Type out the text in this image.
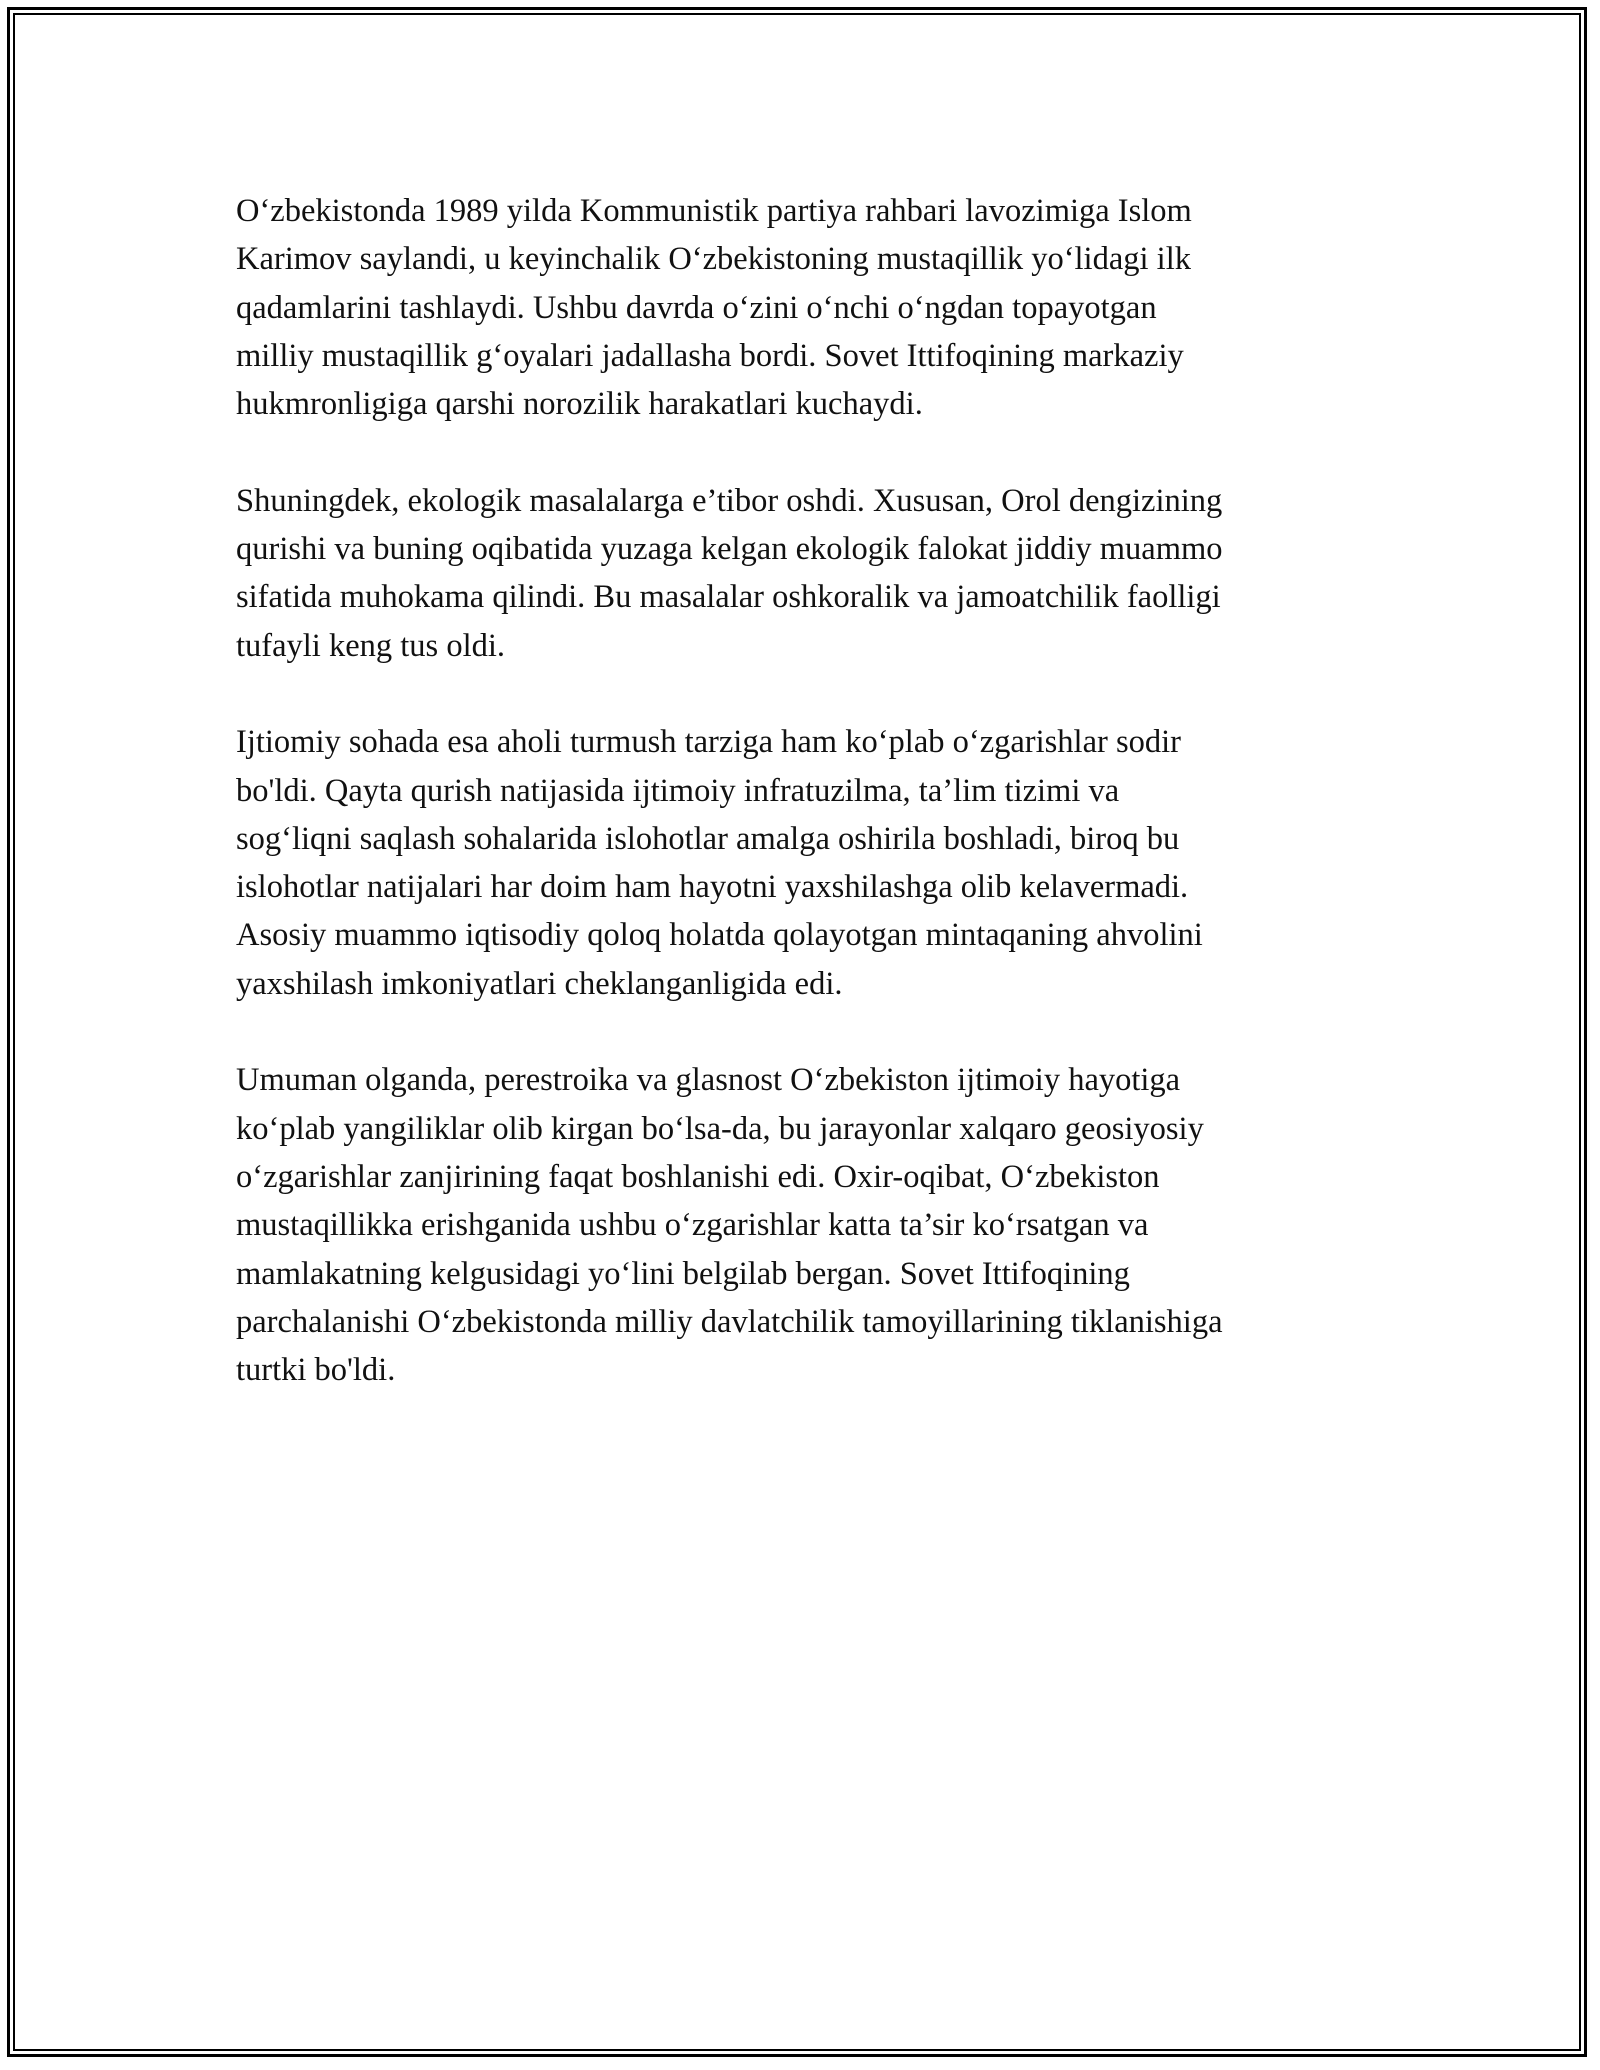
O‘zbekistonda 1989 yilda Kommunistik partiya rahbari lavozimiga Islom
Karimov saylandi, u keyinchalik O‘zbekistoning mustaqillik yo‘lidagi ilk
qadamlarini tashlaydi. Ushbu davrda o‘zini o‘nchi o‘ngdan topayotgan
milliy mustaqillik g‘oyalari jadallasha bordi. Sovet Ittifoqining markaziy
hukmronligiga qarshi norozilik harakatlari kuchaydi.

Shuningdek, ekologik masalalarga e’tibor oshdi. Xususan, Orol dengizining
qurishi va buning oqibatida yuzaga kelgan ekologik falokat jiddiy muammo
sifatida muhokama qilindi. Bu masalalar oshkoralik va jamoatchilik faolligi
tufayli keng tus oldi.

Ijtiomiy sohada esa aholi turmush tarziga ham ko‘plab o‘zgarishlar sodir
bo'ldi. Qayta qurish natijasida ijtimoiy infratuzilma, ta’lim tizimi va
sog‘liqni saqlash sohalarida islohotlar amalga oshirila boshladi, biroq bu
islohotlar natijalari har doim ham hayotni yaxshilashga olib kelavermadi.
Asosiy muammo iqtisodiy qoloq holatda qolayotgan mintaqaning ahvolini
yaxshilash imkoniyatlari cheklanganligida edi.

Umuman olganda, perestroika va glasnost O‘zbekiston ijtimoiy hayotiga
ko‘plab yangiliklar olib kirgan bo‘lsa-da, bu jarayonlar xalqaro geosiyosiy
o‘zgarishlar zanjirining faqat boshlanishi edi. Oxir-oqibat, O‘zbekiston
mustaqillikka erishganida ushbu o‘zgarishlar katta ta’sir ko‘rsatgan va
mamlakatning kelgusidagi yo‘lini belgilab bergan. Sovet Ittifoqining
parchalanishi O‘zbekistonda milliy davlatchilik tamoyillarining tiklanishiga
turtki bo'ldi.
